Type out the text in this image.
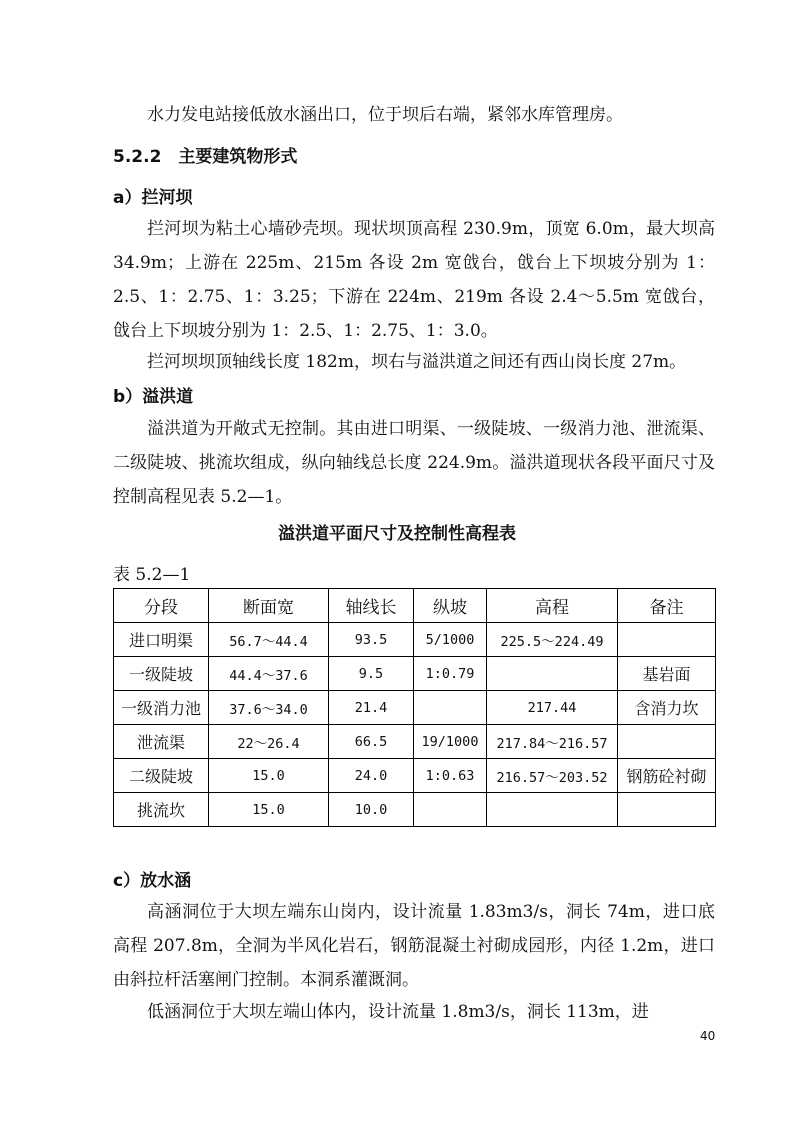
水力发电站接低放水涵出口，位于坝后右端，紧邻水库管理房。

5.2.2　主要建筑物形式
a）拦河坝

拦河坝为粘土心墙砂壳坝。现状坝顶高程 230.9m，顶宽 6.0m，最大坝高 34.9m；上游在 225m、215m 各设 2m 宽戗台，戗台上下坝坡分别为 1：2.5、1：2.75、1：3.25；下游在 224m、219m 各设 2.4～5.5m 宽戗台，戗台上下坝坡分别为 1：2.5、1：2.75、1：3.0。

拦河坝坝顶轴线长度 182m，坝右与溢洪道之间还有西山岗长度 27m。

b）溢洪道

溢洪道为开敞式无控制。其由进口明渠、一级陡坡、一级消力池、泄流渠、二级陡坡、挑流坎组成，纵向轴线总长度 224.9m。溢洪道现状各段平面尺寸及控制高程见表 5.2—1。

溢洪道平面尺寸及控制性高程表
表 5.2—1
分段	断面宽	轴线长	纵坡	高程	备注
进口明渠	56.7～44.4	93.5	5/1000	225.5～224.49	
一级陡坡	44.4～37.6	9.5	1:0.79		基岩面
一级消力池	37.6～34.0	21.4		217.44	含消力坎
泄流渠	22～26.4	66.5	19/1000	217.84～216.57	
二级陡坡	15.0	24.0	1:0.63	216.57～203.52	钢筋砼衬砌
挑流坎	15.0	10.0			
c）放水涵

高涵洞位于大坝左端东山岗内，设计流量 1.83m3/s，洞长 74m，进口底高程 207.8m，全洞为半风化岩石，钢筋混凝土衬砌成园形，内径 1.2m，进口由斜拉杆活塞闸门控制。本洞系灌溉洞。

低涵洞位于大坝左端山体内，设计流量 1.8m3/s，洞长 113m，进

40
